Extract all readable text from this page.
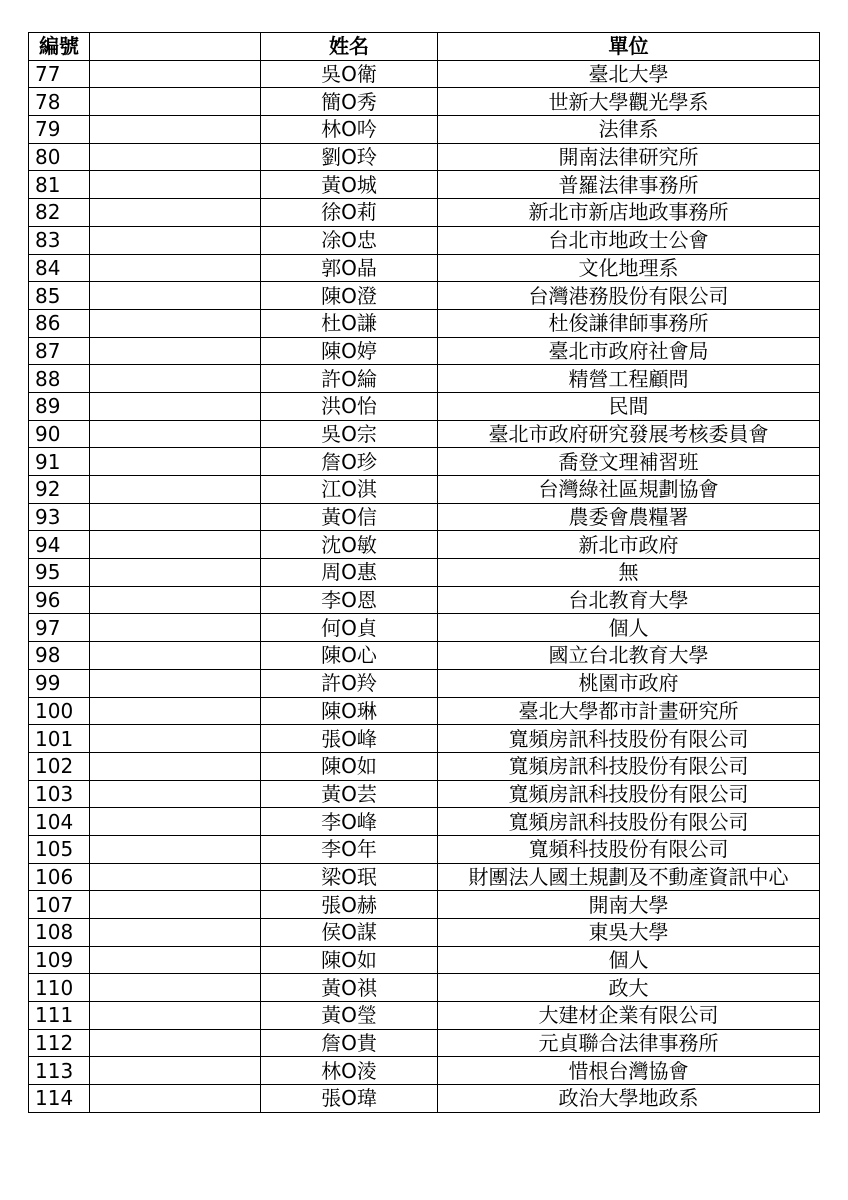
編號		姓名	單位
77		吳O衛	臺北大學
78		簡O秀	世新大學觀光學系
79		林O吟	法律系
80		劉O玲	開南法律研究所
81		黃O城	普羅法律事務所
82		徐O莉	新北市新店地政事務所
83		凃O忠	台北市地政士公會
84		郭O晶	文化地理系
85		陳O澄	台灣港務股份有限公司
86		杜O謙	杜俊謙律師事務所
87		陳O婷	臺北市政府社會局
88		許O綸	精營工程顧問
89		洪O怡	民間
90		吳O宗	臺北市政府研究發展考核委員會
91		詹O珍	喬登文理補習班
92		江O淇	台灣綠社區規劃協會
93		黃O信	農委會農糧署
94		沈O敏	新北市政府
95		周O惠	無
96		李O恩	台北教育大學
97		何O貞	個人
98		陳O心	國立台北教育大學
99		許O羚	桃園市政府
100		陳O琳	臺北大學都市計畫研究所
101		張O峰	寬頻房訊科技股份有限公司
102		陳O如	寬頻房訊科技股份有限公司
103		黃O芸	寬頻房訊科技股份有限公司
104		李O峰	寬頻房訊科技股份有限公司
105		李O年	寬頻科技股份有限公司
106		梁O珉	財團法人國土規劃及不動產資訊中心
107		張O赫	開南大學
108		侯O謀	東吳大學
109		陳O如	個人
110		黃O祺	政大
111		黃O瑩	大建材企業有限公司
112		詹O貴	元貞聯合法律事務所
113		林O淩	惜根台灣協會
114		張O瑋	政治大學地政系
